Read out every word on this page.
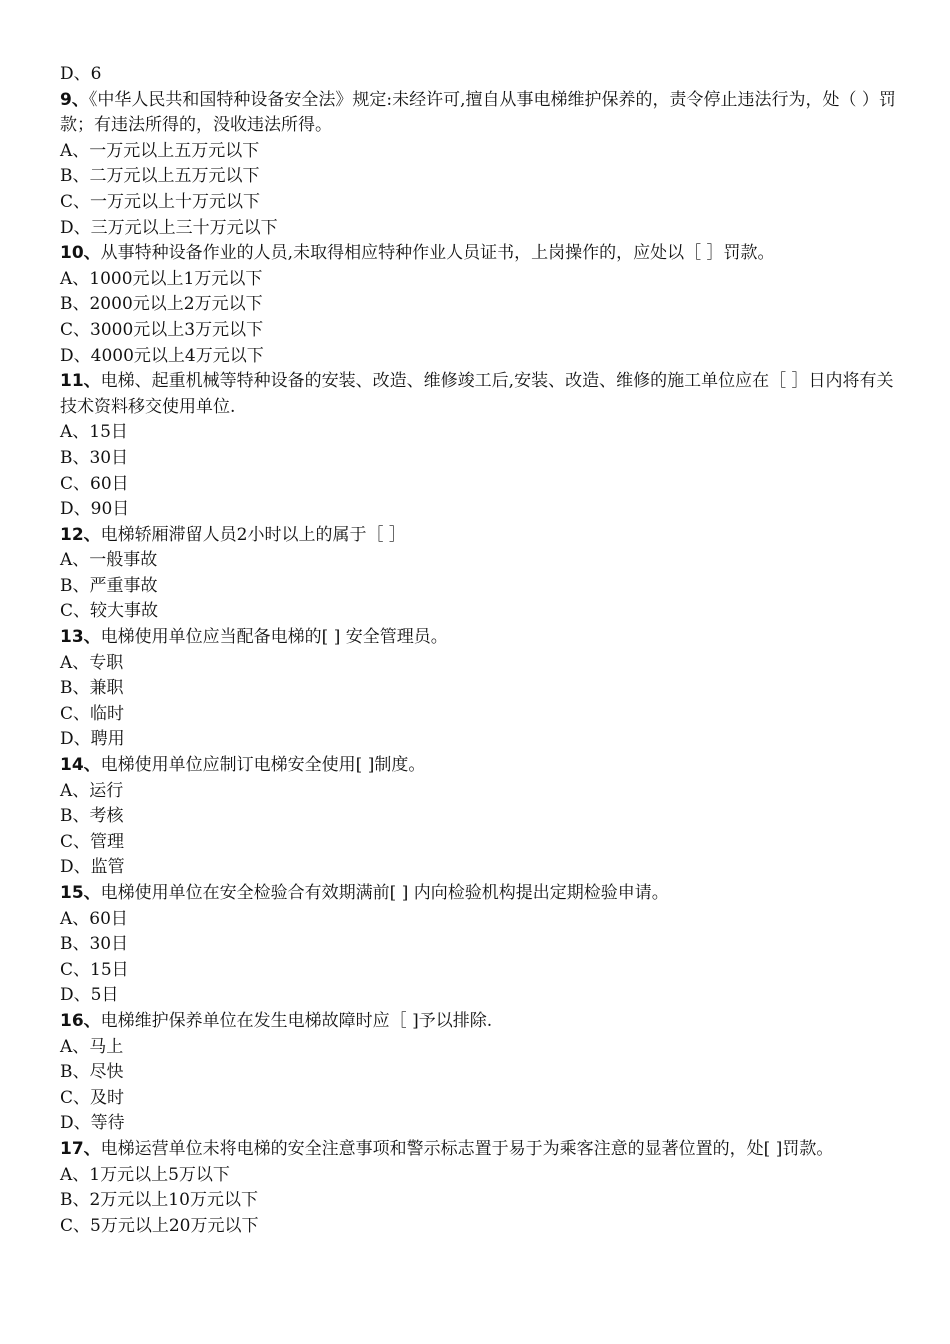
D、6
9、《中华人民共和国特种设备安全法》规定:未经许可,擅自从事电梯维护保养的，责令停止违法行为，处（ ）罚款；有违法所得的，没收违法所得。
A、一万元以上五万元以下
B、二万元以上五万元以下
C、一万元以上十万元以下
D、三万元以上三十万元以下
10、从事特种设备作业的人员,未取得相应特种作业人员证书，上岗操作的，应处以［ ］罚款。
A、1000元以上1万元以下
B、2000元以上2万元以下
C、3000元以上3万元以下
D、4000元以上4万元以下
11、电梯、起重机械等特种设备的安装、改造、维修竣工后,安装、改造、维修的施工单位应在［ ］日内将有关技术资料移交使用单位.
A、15日
B、30日
C、60日
D、90日
12、电梯轿厢滞留人员2小时以上的属于［ ］
A、一般事故
B、严重事故
C、较大事故
13、电梯使用单位应当配备电梯的[ ] 安全管理员。
A、专职
B、兼职
C、临时
D、聘用
14、电梯使用单位应制订电梯安全使用[ ]制度。
A、运行
B、考核
C、管理
D、监管
15、电梯使用单位在安全检验合有效期满前[ ] 内向检验机构提出定期检验申请。
A、60日
B、30日
C、15日
D、5日
16、电梯维护保养单位在发生电梯故障时应［ ]予以排除.
A、马上
B、尽快
C、及时
D、等待
17、电梯运营单位未将电梯的安全注意事项和警示标志置于易于为乘客注意的显著位置的，处[ ]罚款。
A、1万元以上5万以下
B、2万元以上10万元以下
C、5万元以上20万元以下
